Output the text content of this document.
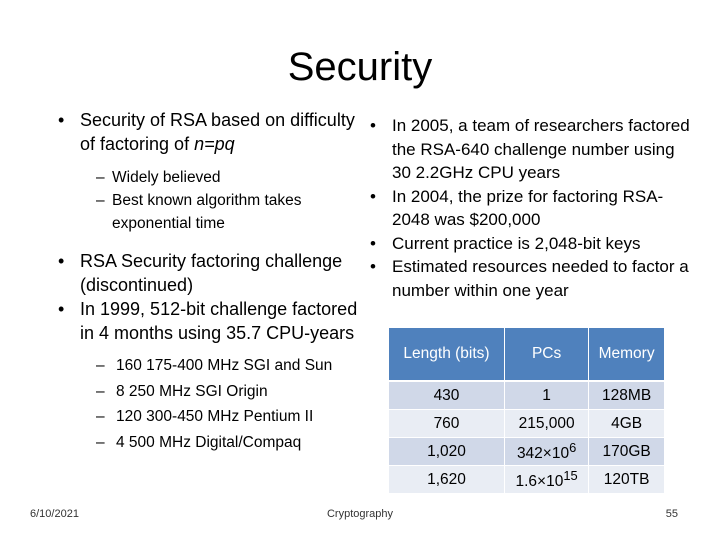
Security
• Security of RSA based on difficulty of factoring of n=pq
– Widely believed
– Best known algorithm takes exponential time
• RSA Security factoring challenge (discontinued)
• In 1999, 512-bit challenge factored in 4 months using 35.7 CPU-years
– 160 175-400 MHz SGI and Sun
– 8 250 MHz SGI Origin
– 120 300-450 MHz Pentium II
– 4 500 MHz Digital/Compaq
• In 2005, a team of researchers factored the RSA-640 challenge number using 30 2.2GHz CPU years
• In 2004, the prize for factoring RSA-2048 was $200,000
• Current practice is 2,048-bit keys
• Estimated resources needed to factor a number within one year
Length (bits)	PCs	Memory
430	1	128MB
760	215,000	4GB
1,020	$342\times 10^6$	170GB
1,620	$1.6\times 10^{15}$	120TB
6/10/2021	Cryptography	55
